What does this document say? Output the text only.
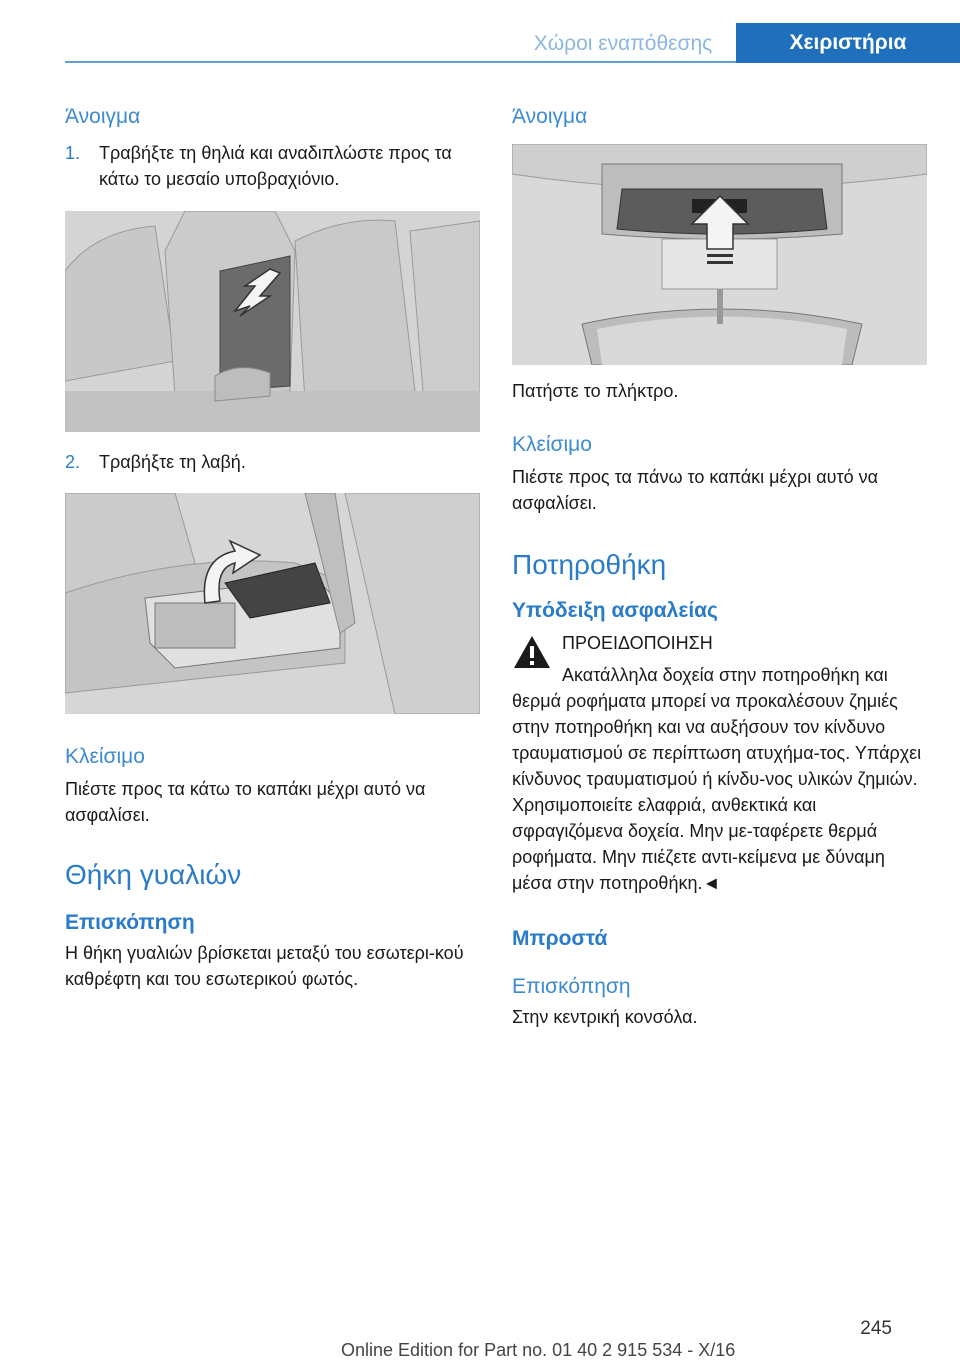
Χώροι εναπόθεσης	Χειριστήρια
Άνοιγμα
1. Τραβήξτε τη θηλιά και αναδιπλώστε προς τα κάτω το μεσαίο υποβραχιόνιο.
2. Τραβήξτε τη λαβή.
Κλείσιμο

Πιέστε προς τα κάτω το καπάκι μέχρι αυτό να ασφαλίσει.

Θήκη γυαλιών
Επισκόπηση

Η θήκη γυαλιών βρίσκεται μεταξύ του εσωτερι‐κού καθρέφτη και του εσωτερικού φωτός.

Άνοιγμα

Πατήστε το πλήκτρο.

Κλείσιμο

Πιέστε προς τα πάνω το καπάκι μέχρι αυτό να ασφαλίσει.

Ποτηροθήκη
Υπόδειξη ασφαλείας
ΠΡΟΕΙΔΟΠΟΙΗΣΗ

Ακατάλληλα δοχεία στην ποτηροθήκη και θερμά ροφήματα μπορεί να προκαλέσουν ζημιές στην ποτηροθήκη και να αυξήσουν τον κίνδυνο τραυματισμού σε περίπτωση ατυχήμα‐τος. Υπάρχει κίνδυνος τραυματισμού ή κίνδυ‐νος υλικών ζημιών. Χρησιμοποιείτε ελαφριά, ανθεκτικά και σφραγιζόμενα δοχεία. Μην με‐ταφέρετε θερμά ροφήματα. Μην πιέζετε αντι‐κείμενα με δύναμη μέσα στην ποτηροθήκη.◄

Μπροστά
Επισκόπηση

Στην κεντρική κονσόλα.

245
Online Edition for Part no. 01 40 2 915 534 - X/16
